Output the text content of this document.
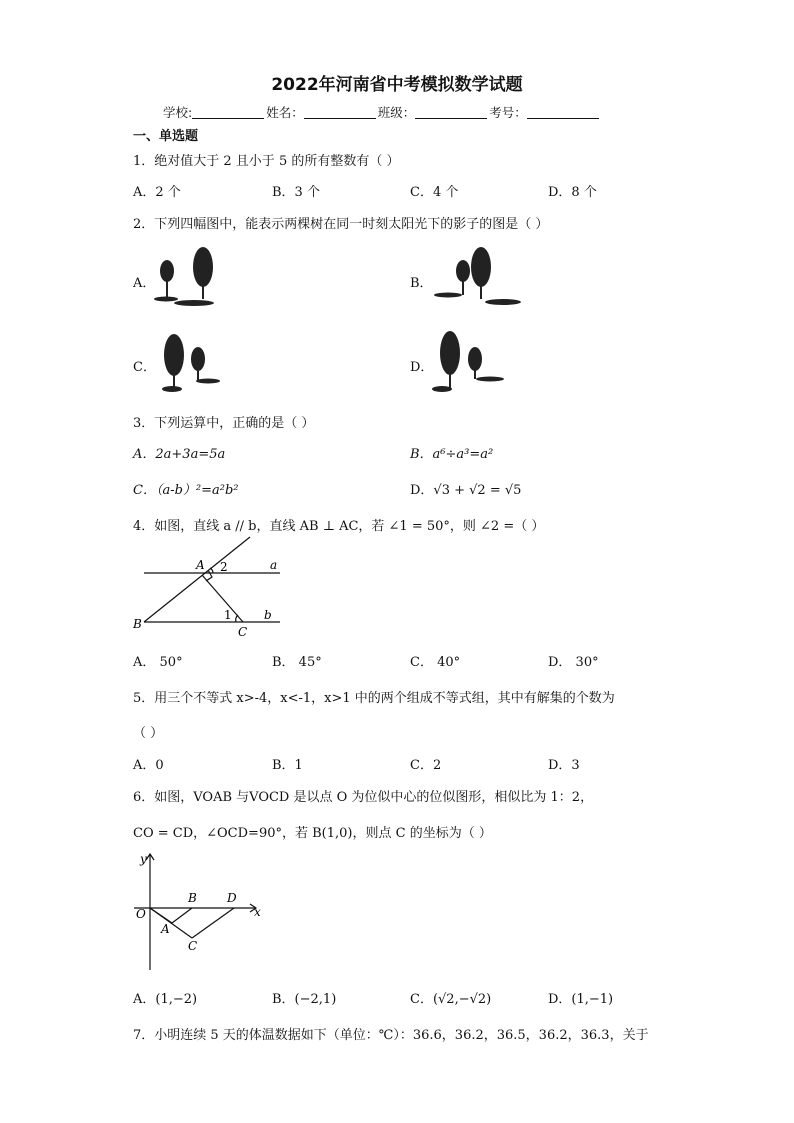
2022年河南省中考模拟数学试题
学校:	姓名：	班级：	考号：
一、单选题
1．绝对值大于 2 且小于 5 的所有整数有（ ）
A．2 个	B．3 个	C．4 个	D．8 个
2．下列四幅图中，能表示两棵树在同一时刻太阳光下的影子的图是（ ）
A．	B．
C．	D．
3．下列运算中，正确的是（ ）
A．2a+3a=5a	B．a⁶÷a³=a²
C．（a-b）²=a²b²	D．√3 + √2 = √5
4．如图，直线 a // b，直线 AB ⊥ AC，若 ∠1 = 50°，则 ∠2 =（ ）
A 2	a
1	b
B
C
A． 50°	B． 45°	C． 40°	D． 30°
5．用三个不等式 x>-4，x<-1，x>1 中的两个组成不等式组，其中有解集的个数为
（ ）
A．0	B．1	C．2	D．3
6．如图，VOAB 与VOCD 是以点 O 为位似中心的位似图形，相似比为 1：2，
CO = CD，∠OCD=90°，若 B(1,0)，则点 C 的坐标为（ ）
y
x
O
B	D
A
C
A．(1,−2)	B．(−2,1)	C．(√2,−√2)	D．(1,−1)
7．小明连续 5 天的体温数据如下（单位：℃）：36.6，36.2，36.5，36.2，36.3，关于
